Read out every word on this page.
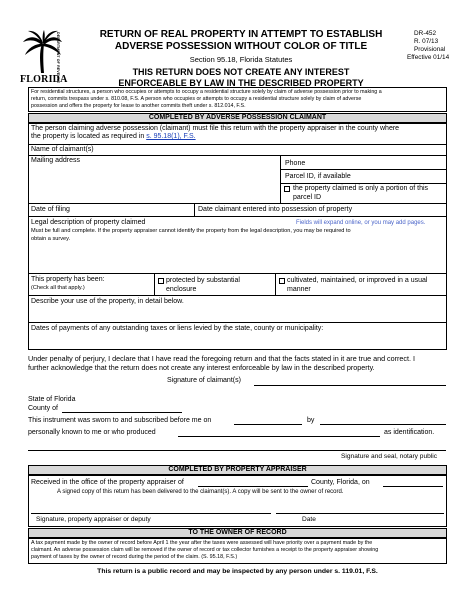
DEPARTMENT OF REVENUE
FLORIDA
RETURN OF REAL PROPERTY IN ATTEMPT TO ESTABLISH
ADVERSE POSSESSION WITHOUT COLOR OF TITLE
Section 95.18, Florida Statutes
DR-452
R. 07/13
Provisional
Effective 01/14
THIS RETURN DOES NOT CREATE ANY INTEREST
ENFORCEABLE BY LAW IN THE DESCRIBED PROPERTY
For residential structures, a person who occupies or attempts to occupy a residential structure solely by claim of adverse possession prior to making a
return, commits trespass under s. 810.08, F.S. A person who occupies or attempts to occupy a residential structure solely by claim of adverse
possession and offers the property for lease to another commits theft under s. 812.014, F.S.
COMPLETED BY ADVERSE POSSESSION CLAIMANT
The person claiming adverse possession (claimant) must file this return with the property appraiser in the county where
the property is located as required in s. 95.18(1), F.S.
Name of claimant(s)
Mailing address	Phone
Parcel ID, if available
the property claimed is only a portion of this
parcel ID
Date of filing	Date claimant entered into possession of property
Legal description of property claimed	Fields will expand online, or you may add pages.
Must be full and complete. If the property appraiser cannot identify the property from the legal description, you may be required to
obtain a survey.
This property has been:
(Check all that apply.)
protected by substantial
enclosure
cultivated, maintained, or improved in a usual
manner
Describe your use of the property, in detail below.
Dates of payments of any outstanding taxes or liens levied by the state, county or municipality:
Under penalty of perjury, I declare that I have read the foregoing return and that the facts stated in it are true and correct. I
further acknowledge that the return does not create any interest enforceable by law in the described property.
Signature of claimant(s)
State of Florida
County of
This instrument was sworn to and subscribed before me on	by
personally known to me or who produced	as identification.
Signature and seal, notary public
COMPLETED BY PROPERTY APPRAISER
Received in the office of the property appraiser of	County, Florida, on
A signed copy of this return has been delivered to the claimant(s). A copy will be sent to the owner of record.
Signature, property appraiser or deputy	Date
TO THE OWNER OF RECORD
A tax payment made by the owner of record before April 1 the year after the taxes were assessed will have priority over a payment made by the
claimant. An adverse possession claim will be removed if the owner of record or tax collector furnishes a receipt to the property appraiser showing
payment of taxes by the owner of record during the period of the claim. (S. 95.18, F.S.)
This return is a public record and may be inspected by any person under s. 119.01, F.S.
